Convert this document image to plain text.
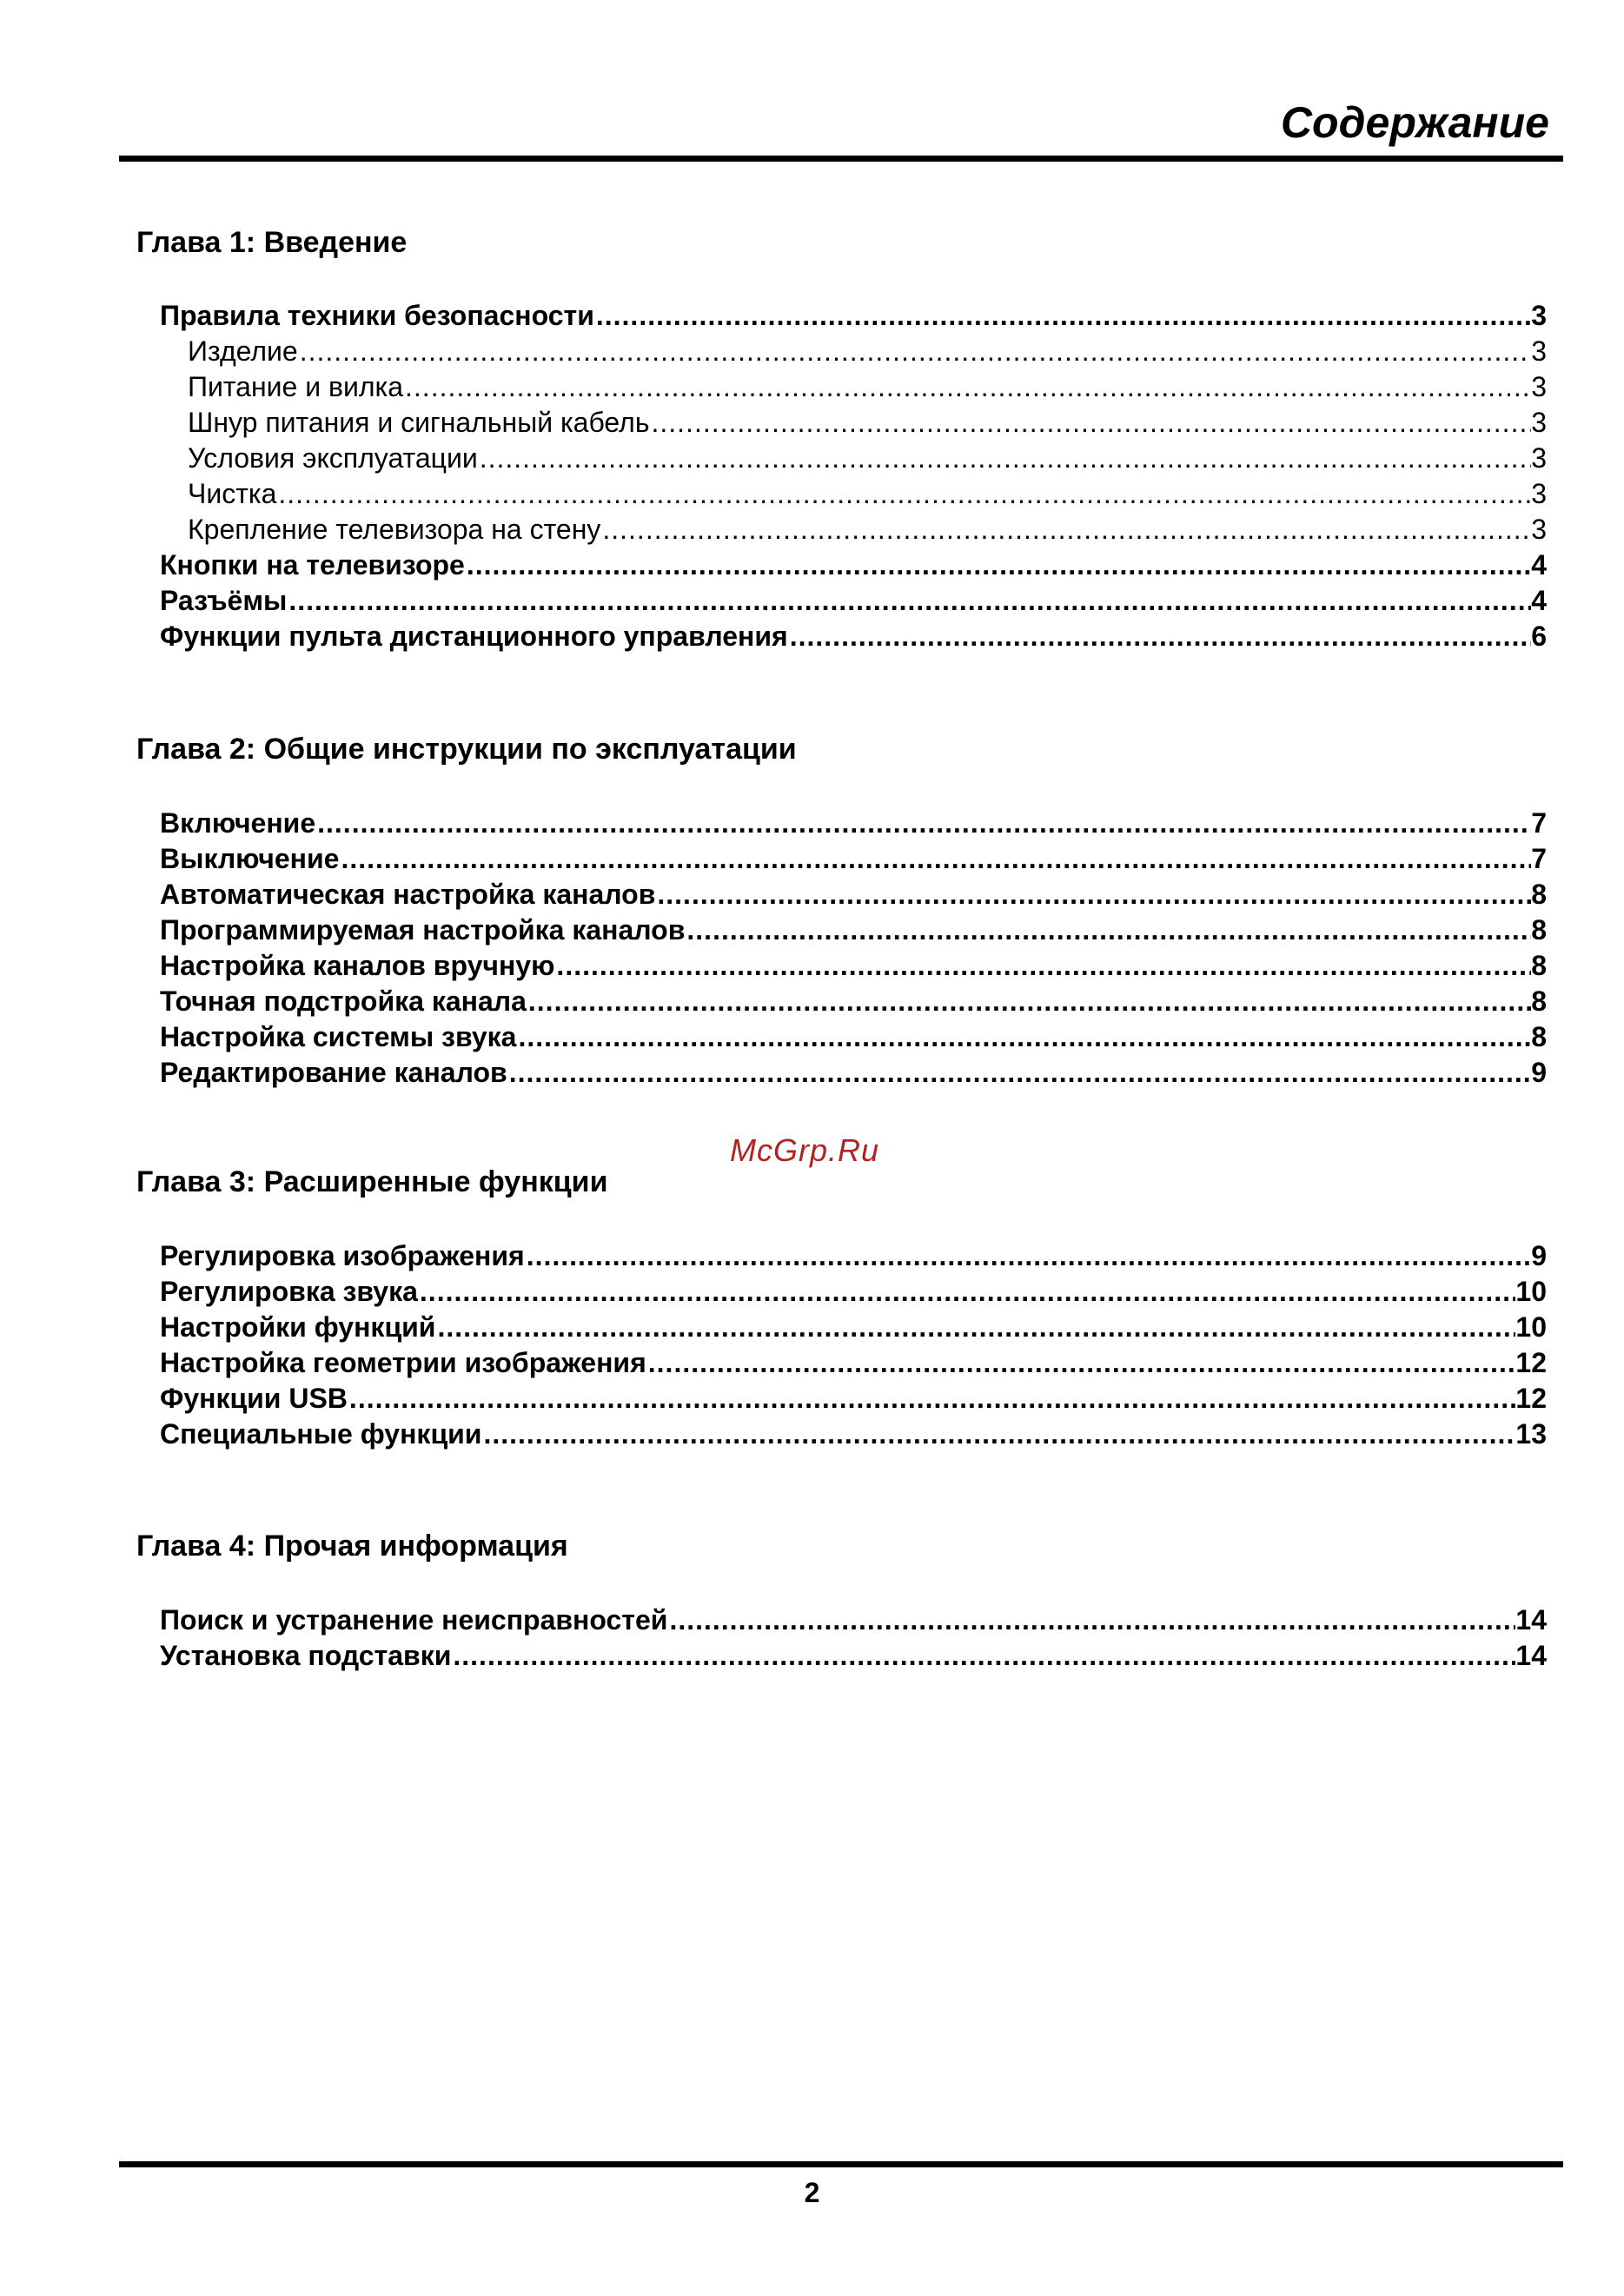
Содержание
Глава 1: Введение
Правила техники безопасности .....	3
Изделие .....	3
Питание и вилка .....	3
Шнур питания и сигнальный кабель .....	3
Условия эксплуатации .....	3
Чистка .....	3
Крепление телевизора на стену .....	3
Кнопки на телевизоре .....	4
Разъёмы .....	4
Функции пульта дистанционного управления .....	6
Глава 2: Общие инструкции по эксплуатации
Включение .....	7
Выключение .....	7
Автоматическая настройка каналов .....	8
Программируемая настройка каналов .....	8
Настройка каналов вручную .....	8
Точная подстройка канала .....	8
Настройка системы звука .....	8
Редактирование каналов .....	9
McGrp.Ru
Глава 3: Расширенные функции
Регулировка изображения .....	9
Регулировка звука .....	10
Настройки функций .....	10
Настройка геометрии изображения .....	12
Функции USB .....	12
Специальные функции .....	13
Глава 4: Прочая информация
Поиск и устранение неисправностей .....	14
Установка подставки .....	14
2
